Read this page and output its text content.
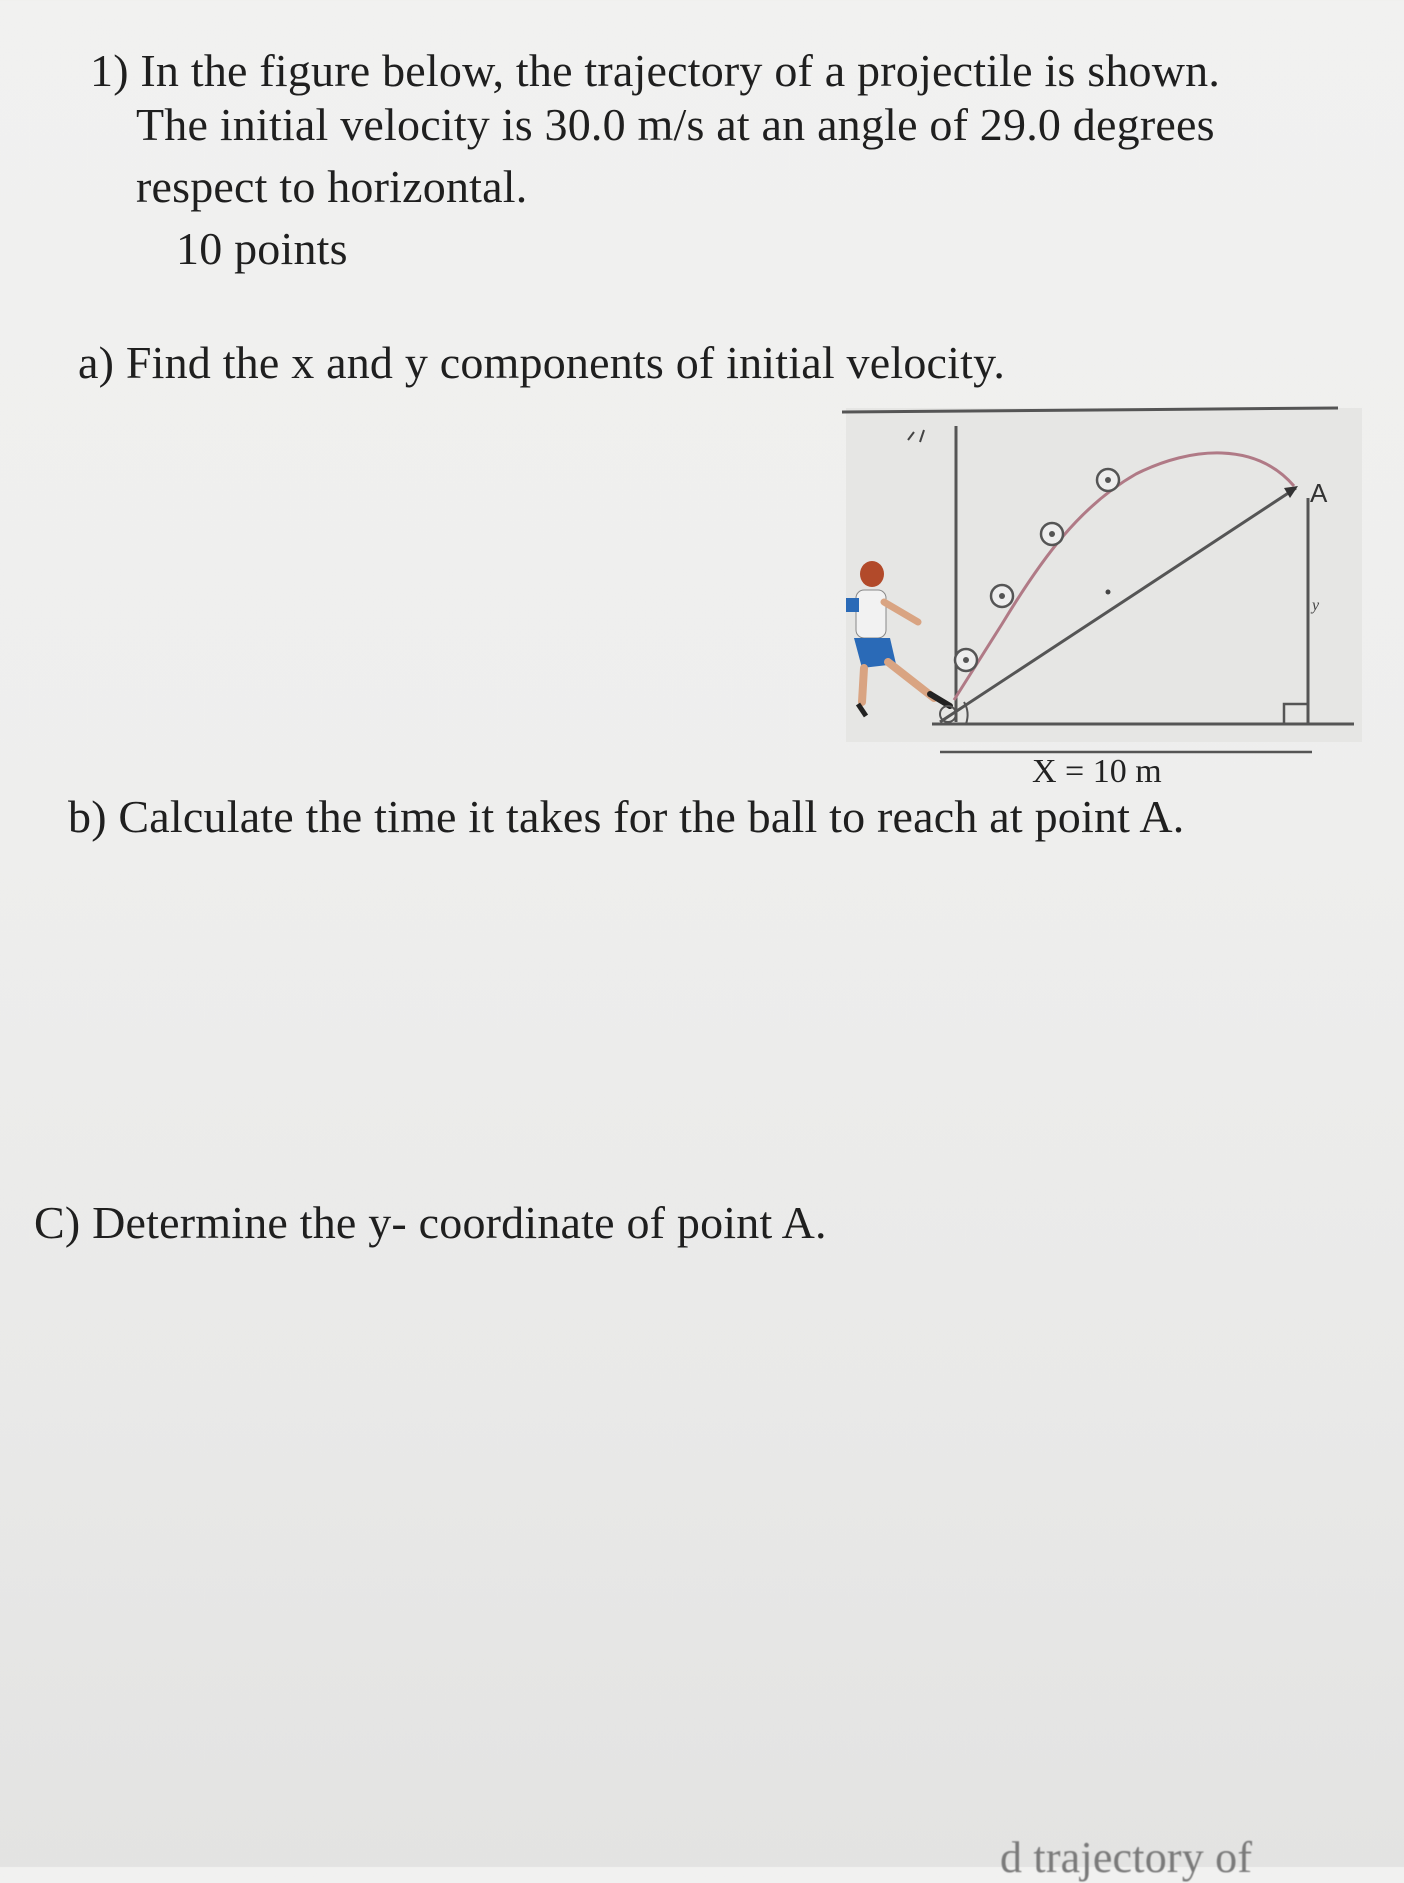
1) In the figure below, the trajectory of a projectile is shown.
The initial velocity is 30.0 m/s at an angle of 29.0 degrees
respect to horizontal.
10 points
a) Find the x and y components of initial velocity.
A
y
X = 10 m
b) Calculate the time it takes for the ball to reach at point A.
C) Determine the y- coordinate of point A.
d trajectory of
